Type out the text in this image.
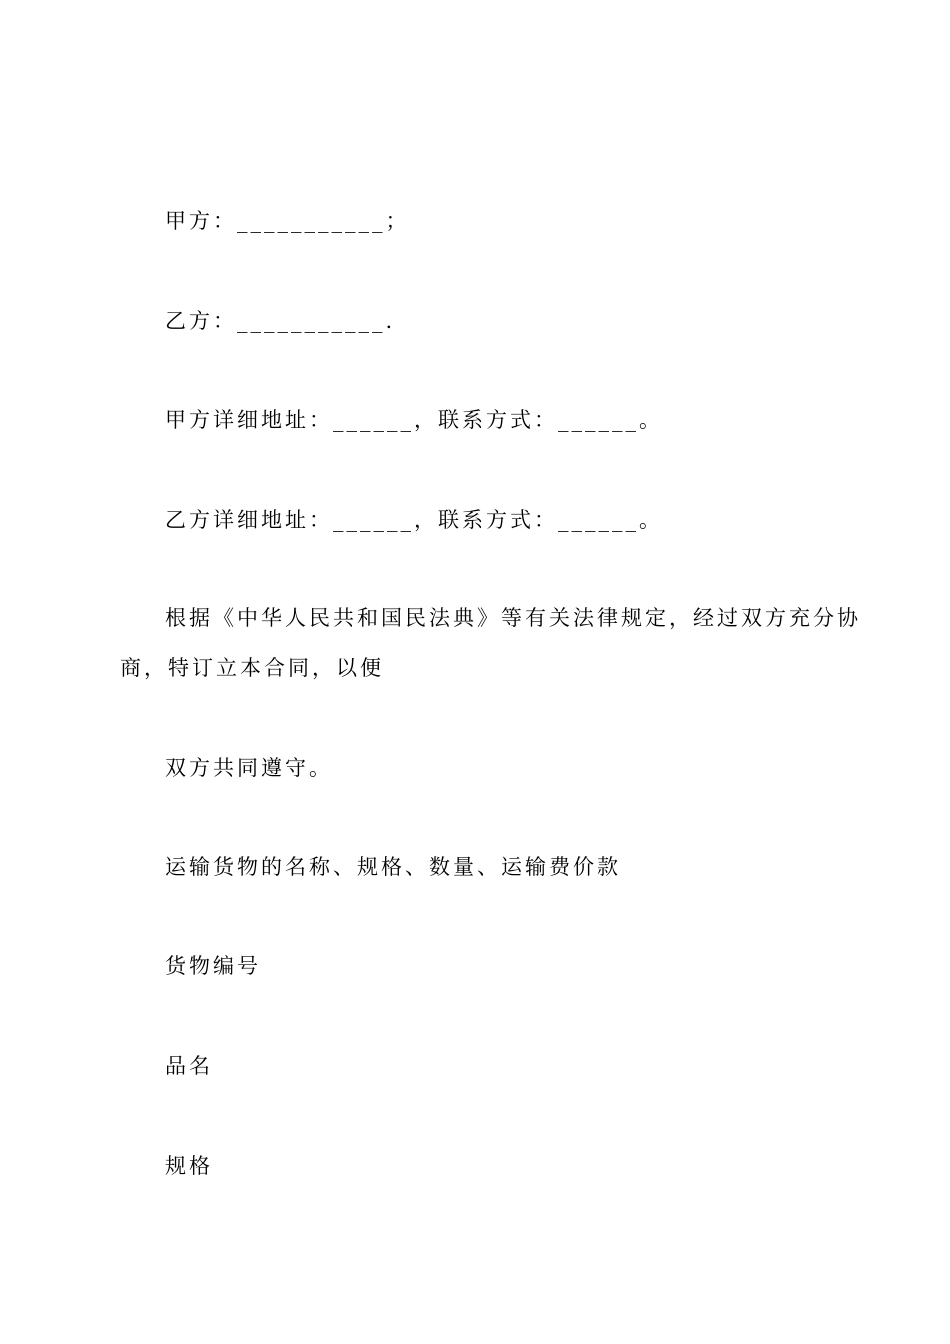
甲方：___________；
乙方：___________.
甲方详细地址：______，联系方式：______。
乙方详细地址：______，联系方式：______。
根据《中华人民共和国民法典》等有关法律规定，经过双方充分协
商，特订立本合同，以便
双方共同遵守。
运输货物的名称、规格、数量、运输费价款
货物编号
品名
规格
